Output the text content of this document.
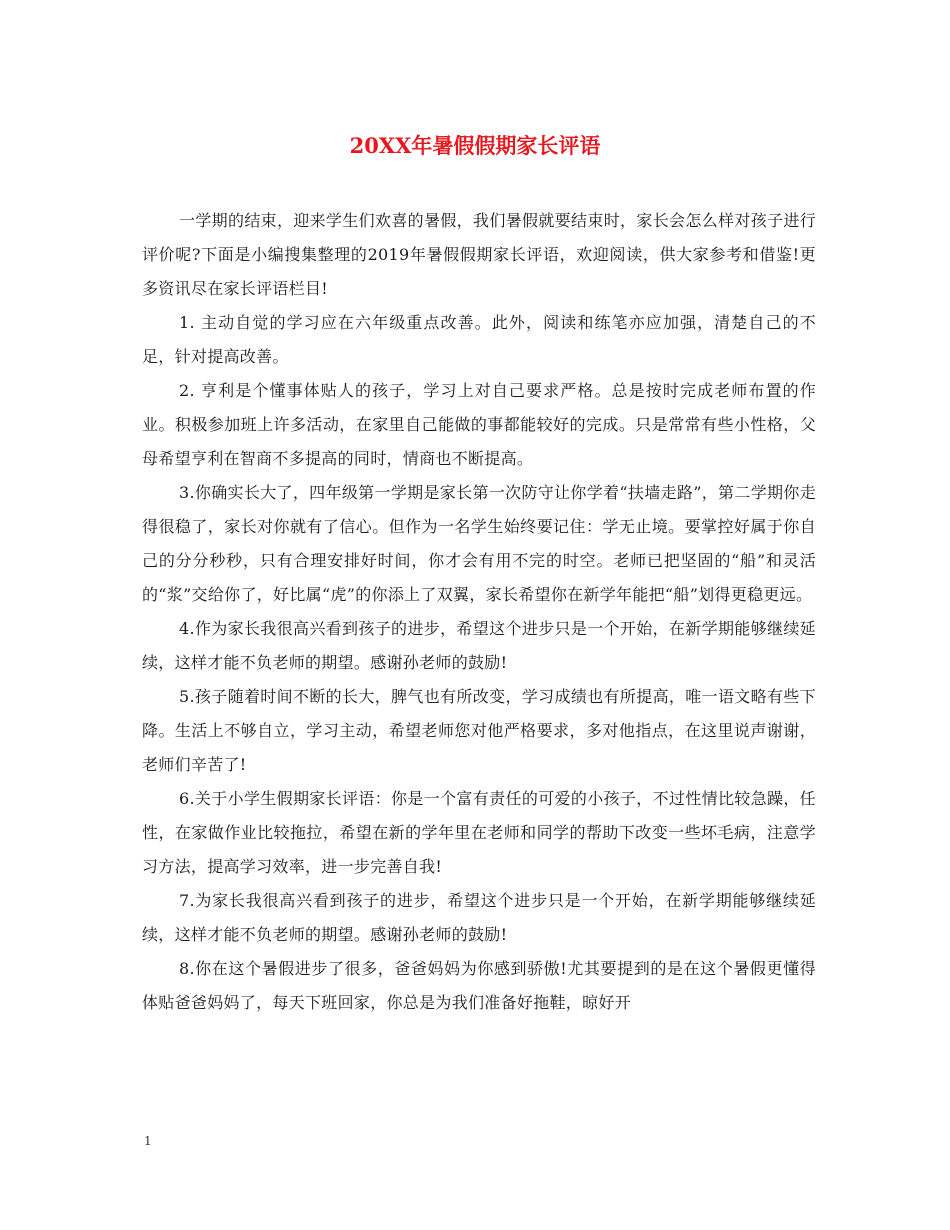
20XX年暑假假期家长评语

一学期的结束，迎来学生们欢喜的暑假，我们暑假就要结束时，家长会怎么样对孩子进行评价呢?下面是小编搜集整理的2019年暑假假期家长评语，欢迎阅读，供大家参考和借鉴!更多资讯尽在家长评语栏目!

1. 主动自觉的学习应在六年级重点改善。此外，阅读和练笔亦应加强，清楚自己的不足，针对提高改善。

2. 亨利是个懂事体贴人的孩子，学习上对自己要求严格。总是按时完成老师布置的作业。积极参加班上许多活动，在家里自己能做的事都能较好的完成。只是常常有些小性格，父母希望亨利在智商不多提高的同时，情商也不断提高。

3.你确实长大了，四年级第一学期是家长第一次防守让你学着“扶墙走路”，第二学期你走得很稳了，家长对你就有了信心。但作为一名学生始终要记住：学无止境。要掌控好属于你自己的分分秒秒，只有合理安排好时间，你才会有用不完的时空。老师已把坚固的“船”和灵活的“浆”交给你了，好比属“虎”的你添上了双翼，家长希望你在新学年能把“船”划得更稳更远。

4.作为家长我很高兴看到孩子的进步，希望这个进步只是一个开始，在新学期能够继续延续，这样才能不负老师的期望。感谢孙老师的鼓励!

5.孩子随着时间不断的长大，脾气也有所改变，学习成绩也有所提高，唯一语文略有些下降。生活上不够自立，学习主动，希望老师您对他严格要求，多对他指点，在这里说声谢谢，老师们辛苦了!

6.关于小学生假期家长评语：你是一个富有责任的可爱的小孩子，不过性情比较急躁，任性，在家做作业比较拖拉，希望在新的学年里在老师和同学的帮助下改变一些坏毛病，注意学习方法，提高学习效率，进一步完善自我!

7.为家长我很高兴看到孩子的进步，希望这个进步只是一个开始，在新学期能够继续延续，这样才能不负老师的期望。感谢孙老师的鼓励!

8.你在这个暑假进步了很多，爸爸妈妈为你感到骄傲!尤其要提到的是在这个暑假更懂得体贴爸爸妈妈了，每天下班回家，你总是为我们准备好拖鞋，晾好开

1
